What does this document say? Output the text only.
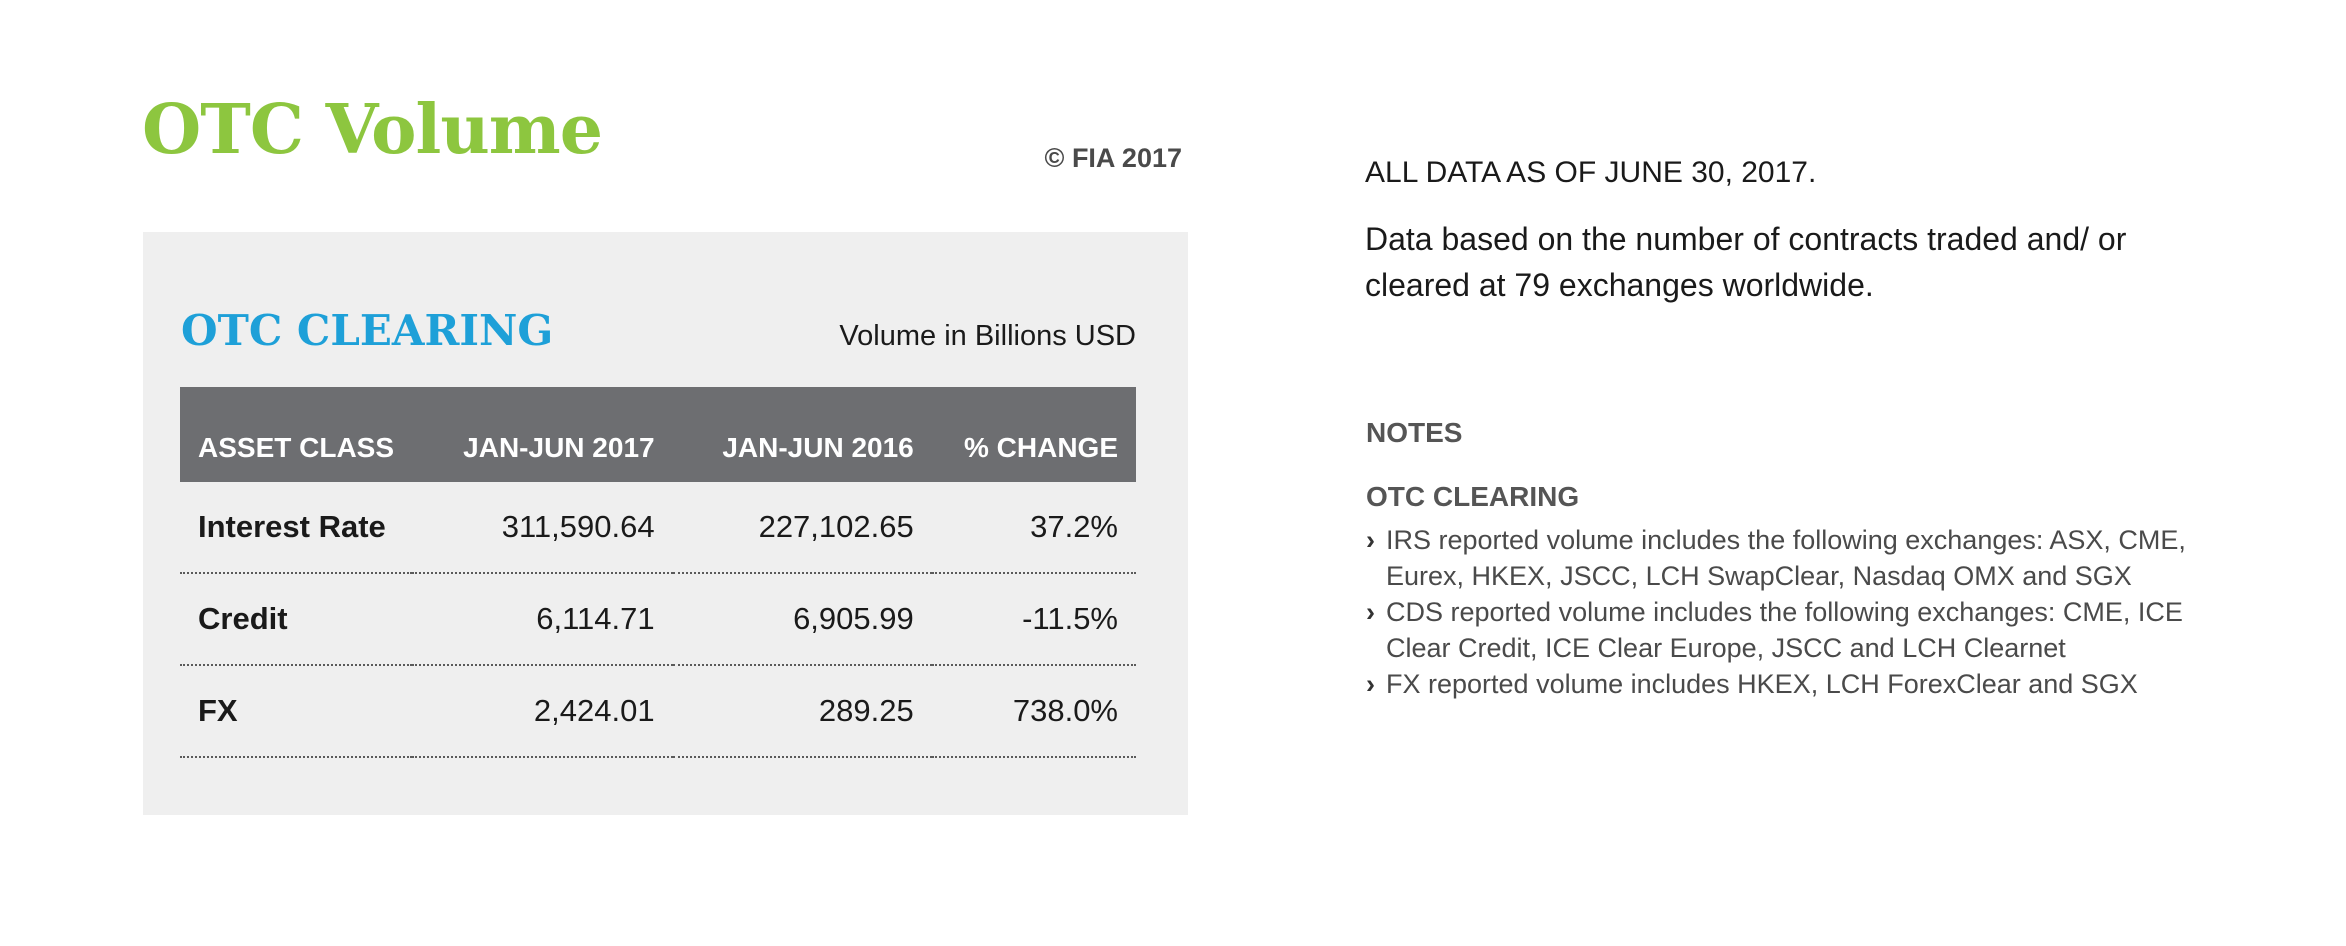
OTC Volume	© FIA 2017
OTC CLEARING	Volume in Billions USD
ASSET CLASS	JAN-JUN 2017	JAN-JUN 2016	% CHANGE
Interest Rate	311,590.64	227,102.65	37.2%
Credit	6,114.71	6,905.99	-11.5%
FX	2,424.01	289.25	738.0%
ALL DATA AS OF JUNE 30, 2017.
Data based on the number of contracts traded and/ or cleared at 79 exchanges worldwide.
NOTES
OTC CLEARING
› IRS reported volume includes the following exchanges: ASX, CME, Eurex, HKEX, JSCC, LCH SwapClear, Nasdaq OMX and SGX
› CDS reported volume includes the following exchanges: CME, ICE Clear Credit, ICE Clear Europe, JSCC and LCH Clearnet
› FX reported volume includes HKEX, LCH ForexClear and SGX
